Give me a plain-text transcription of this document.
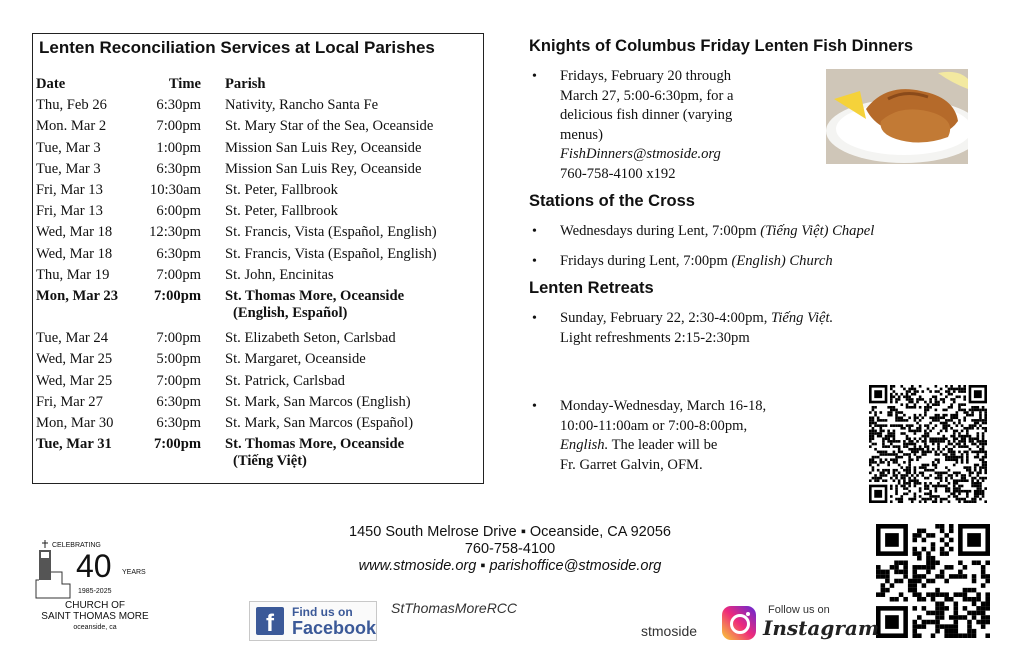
Lenten Reconciliation Services at Local Parishes
Date	Time Parish
Thu, Feb 26	6:30pm Nativity, Rancho Santa Fe
Mon. Mar 2	7:00pm St. Mary Star of the Sea, Oceanside
Tue, Mar 3	1:00pm Mission San Luis Rey, Oceanside
Tue, Mar 3	6:30pm Mission San Luis Rey, Oceanside
Fri, Mar 13	10:30am St. Peter, Fallbrook
Fri, Mar 13	6:00pm St. Peter, Fallbrook
Wed, Mar 18	12:30pm St. Francis, Vista (Español, English)
Wed, Mar 18	6:30pm St. Francis, Vista (Español, English)
Thu, Mar 19	7:00pm St. John, Encinitas
Mon, Mar 23	7:00pm St. Thomas More, Oceanside
(English, Español)
Tue, Mar 24	7:00pm St. Elizabeth Seton, Carlsbad
Wed, Mar 25	5:00pm St. Margaret, Oceanside
Wed, Mar 25	7:00pm St. Patrick, Carlsbad
Fri, Mar 27	6:30pm St. Mark, San Marcos (English)
Mon, Mar 30	6:30pm St. Mark, San Marcos (Español)
Tue, Mar 31	7:00pm St. Thomas More, Oceanside
(Tiếng Việt)
Knights of Columbus Friday Lenten Fish Dinners
• Fridays, February 20 through
March 27, 5:00-6:30pm, for a
delicious fish dinner (varying
menus)
FishDinners@stmoside.org
760-758-4100 x192
Stations of the Cross
• Wednesdays during Lent, 7:00pm (Tiếng Việt) Chapel
• Fridays during Lent, 7:00pm (English) Church
Lenten Retreats
• Sunday, February 22, 2:30-4:00pm, Tiếng Việt.
Light refreshments 2:15-2:30pm
• Monday-Wednesday, March 16-18,
10:00-11:00am or 7:00-8:00pm,
English. The leader will be
Fr. Garret Galvin, OFM.
1450 South Melrose Drive ▪ Oceanside, CA 92056
760-758-4100
www.stmoside.org ▪ parishoffice@stmoside.org
CELEBRATING
40 YEARS
1985-2025
CHURCH OF
SAINT THOMAS MORE
oceanside, ca	f	Find us on
Facebook
StThomasMoreRCC
stmoside
Follow us on
Instagram
